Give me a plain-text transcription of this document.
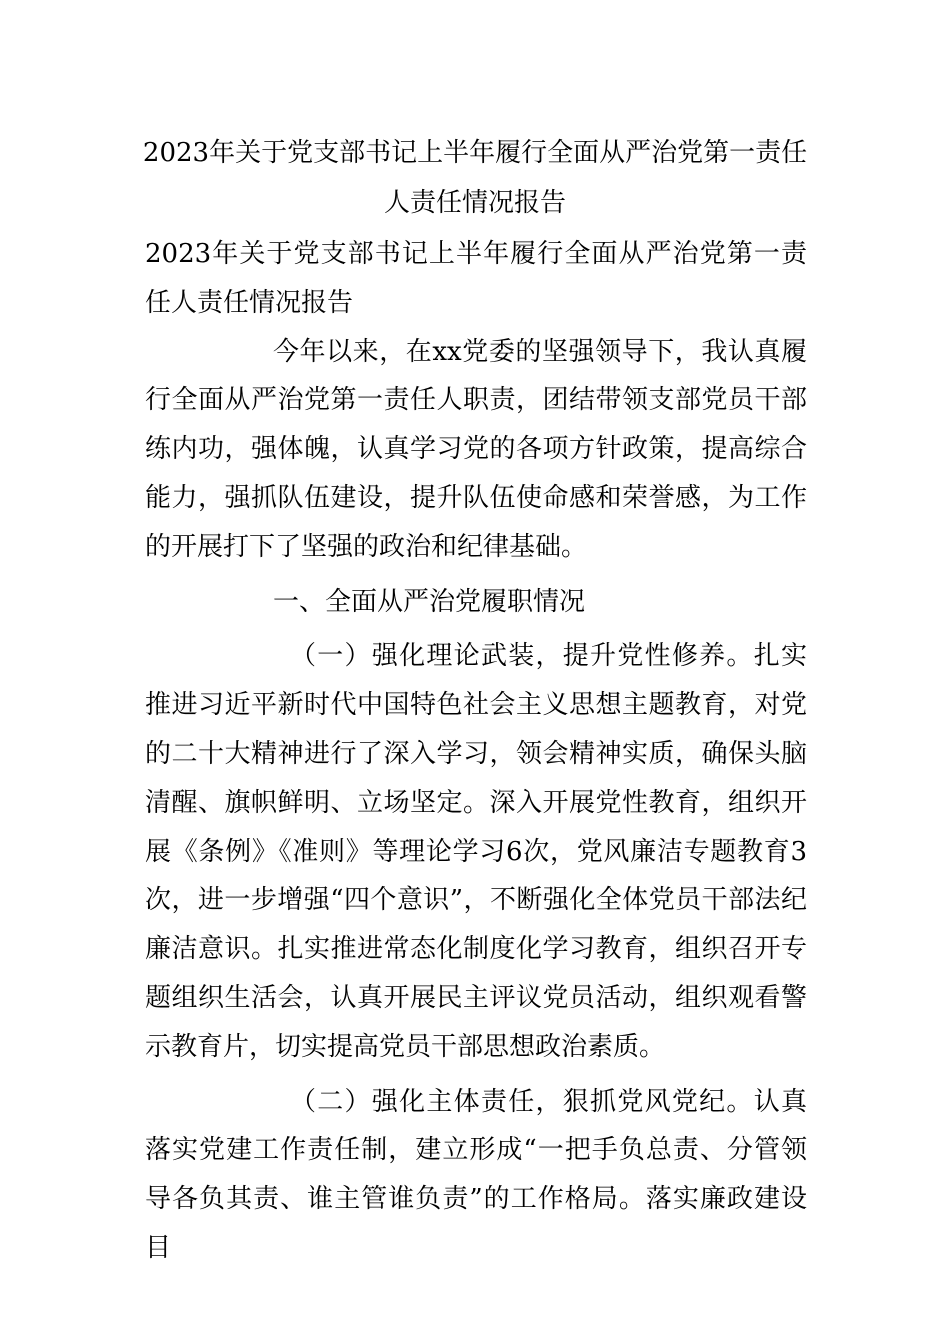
2023年关于党支部书记上半年履行全面从严治党第一责任人责任情况报告

2023年关于党支部书记上半年履行全面从严治党第一责任人责任情况报告

今年以来，在xx党委的坚强领导下，我认真履行全面从严治党第一责任人职责，团结带领支部党员干部练内功，强体魄，认真学习党的各项方针政策，提高综合能力，强抓队伍建设，提升队伍使命感和荣誉感，为工作的开展打下了坚强的政治和纪律基础。

一、全面从严治党履职情况

（一）强化理论武装，提升党性修养。扎实推进习近平新时代中国特色社会主义思想主题教育，对党的二十大精神进行了深入学习，领会精神实质，确保头脑清醒、旗帜鲜明、立场坚定。深入开展党性教育，组织开展《条例》《准则》等理论学习6次，党风廉洁专题教育3次，进一步增强“四个意识”，不断强化全体党员干部法纪廉洁意识。扎实推进常态化制度化学习教育，组织召开专题组织生活会，认真开展民主评议党员活动，组织观看警示教育片，切实提高党员干部思想政治素质。

（二）强化主体责任，狠抓党风党纪。认真落实党建工作责任制，建立形成“一把手负总责、分管领导各负其责、谁主管谁负责”的工作格局。落实廉政建设目
